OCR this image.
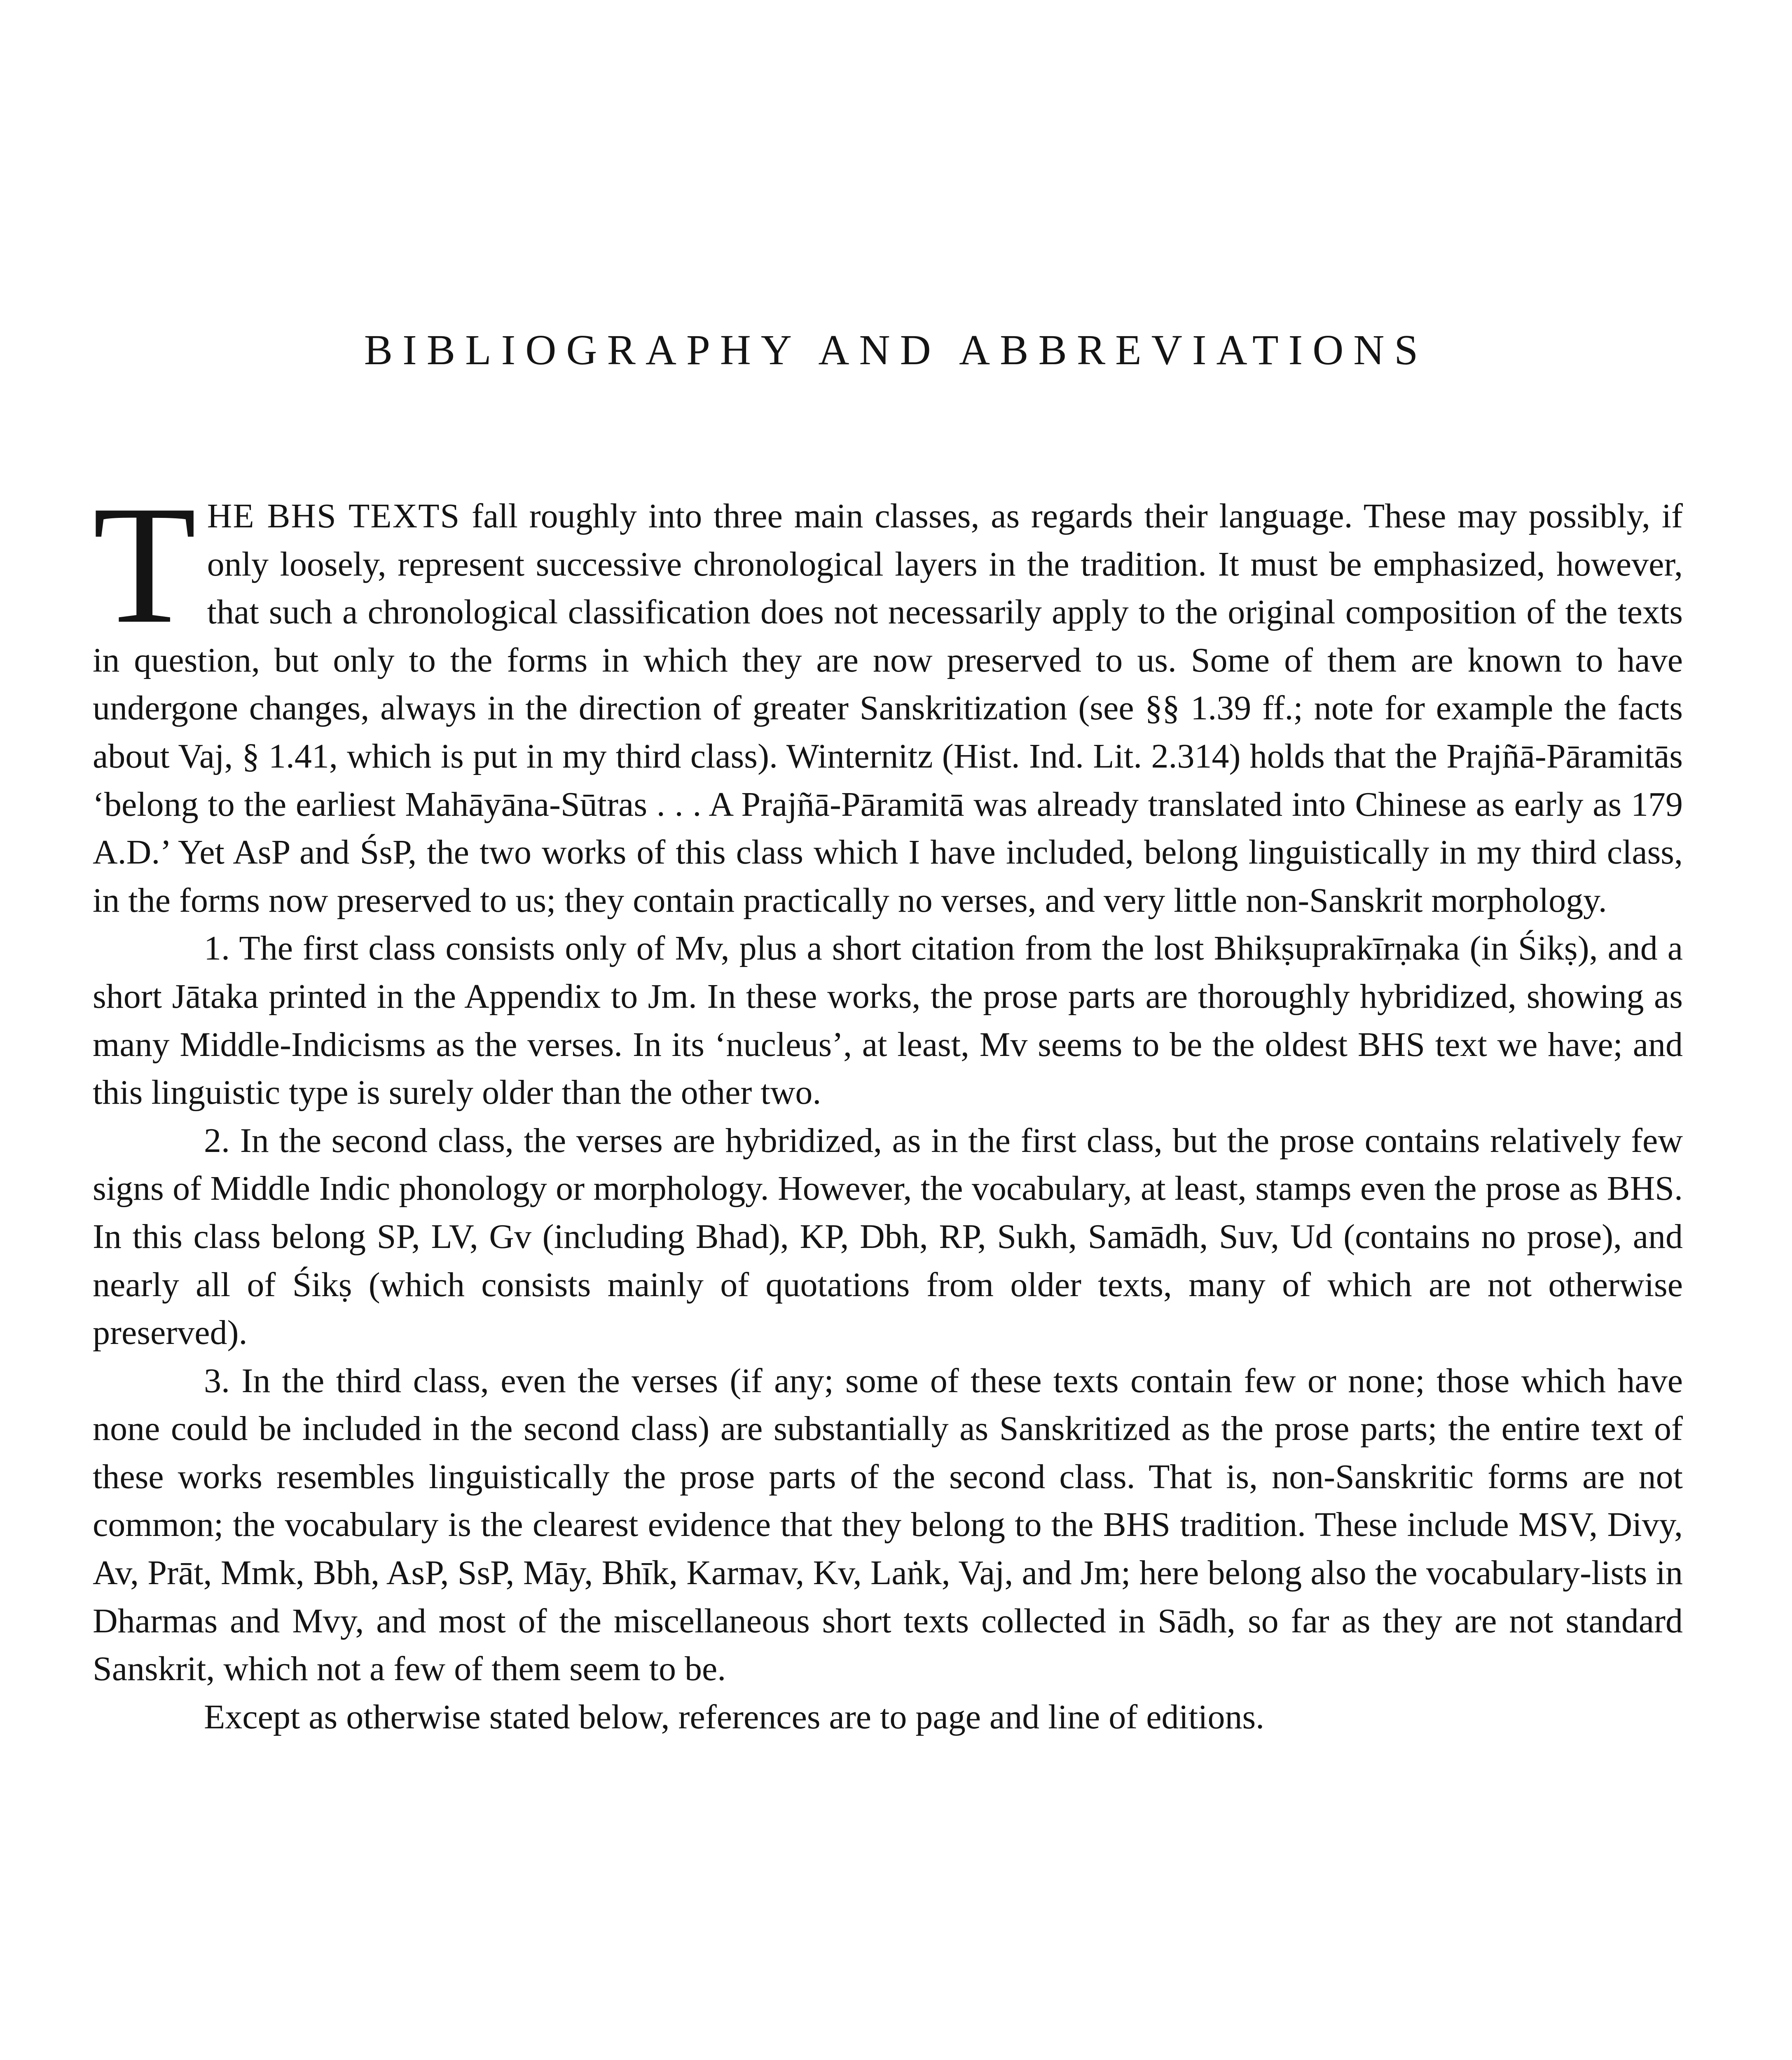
BIBLIOGRAPHY AND ABBREVIATIONS

THE BHS TEXTS fall roughly into three main classes, as regards their language. These may possibly, if only loosely, represent successive chronological layers in the tradition. It must be emphasized, however, that such a chronological classification does not necessarily apply to the original composition of the texts in question, but only to the forms in which they are now preserved to us. Some of them are known to have undergone changes, always in the direction of greater Sanskritization (see §§ 1.39 ff.; note for example the facts about Vaj, § 1.41, which is put in my third class). Winternitz (Hist. Ind. Lit. 2.314) holds that the Prajñā-Pāramitās ‘belong to the earliest Mahāyāna-Sūtras . . . A Prajñā-Pāramitā was already translated into Chinese as early as 179 A.D.’ Yet AsP and ŚsP, the two works of this class which I have included, belong linguistically in my third class, in the forms now preserved to us; they contain practically no verses, and very little non-Sanskrit morphology.

1. The first class consists only of Mv, plus a short citation from the lost Bhikṣuprakīrṇaka (in Śikṣ), and a short Jātaka printed in the Appendix to Jm. In these works, the prose parts are thoroughly hybridized, showing as many Middle-Indicisms as the verses. In its ‘nucleus’, at least, Mv seems to be the oldest BHS text we have; and this linguistic type is surely older than the other two.

2. In the second class, the verses are hybridized, as in the first class, but the prose contains relatively few signs of Middle Indic phonology or morphology. However, the vocabulary, at least, stamps even the prose as BHS. In this class belong SP, LV, Gv (including Bhad), KP, Dbh, RP, Sukh, Samādh, Suv, Ud (contains no prose), and nearly all of Śikṣ (which consists mainly of quotations from older texts, many of which are not otherwise preserved).

3. In the third class, even the verses (if any; some of these texts contain few or none; those which have none could be included in the second class) are substantially as Sanskritized as the prose parts; the entire text of these works resembles linguistically the prose parts of the second class. That is, non-Sanskritic forms are not common; the vocabulary is the clearest evidence that they belong to the BHS tradition. These include MSV, Divy, Av, Prāt, Mmk, Bbh, AsP, SsP, Māy, Bhīk, Karmav, Kv, Laṅk, Vaj, and Jm; here belong also the vocabulary-lists in Dharmas and Mvy, and most of the miscellaneous short texts collected in Sādh, so far as they are not standard Sanskrit, which not a few of them seem to be.

Except as otherwise stated below, references are to page and line of editions.
